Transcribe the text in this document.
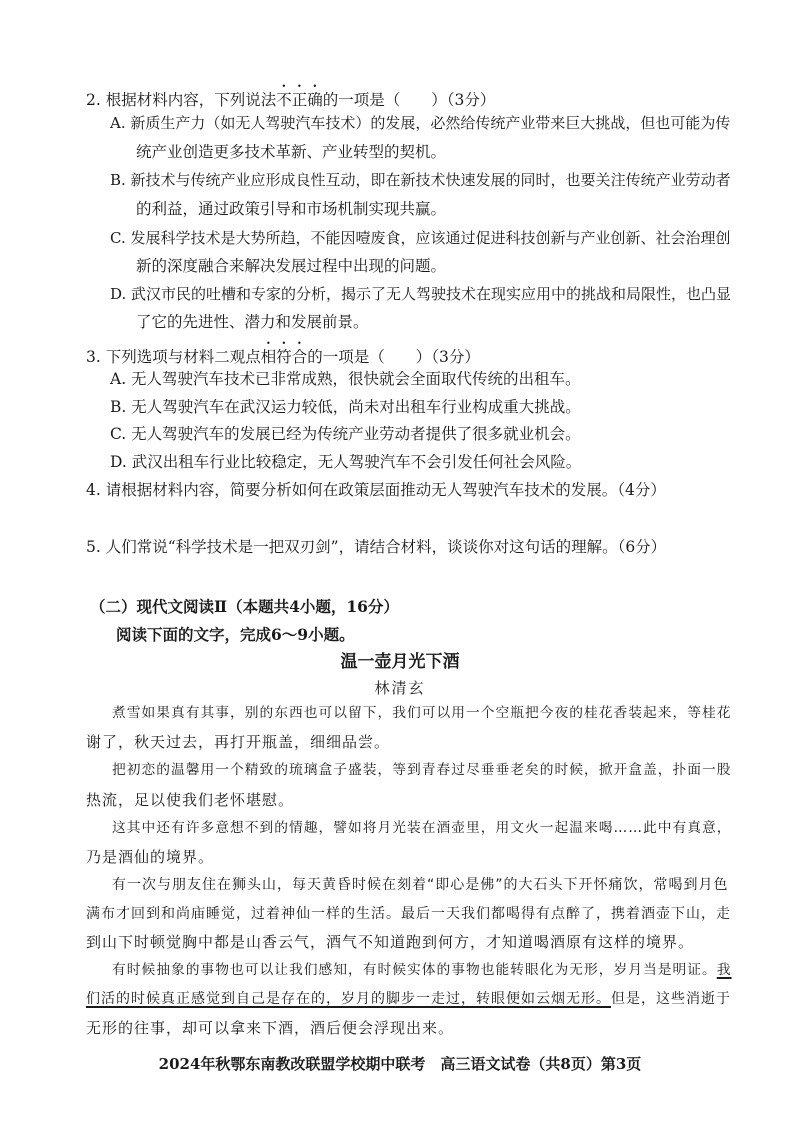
2. 根据材料内容，下列说法不正确的一项是（　　）（3分）
A. 新质生产力（如无人驾驶汽车技术）的发展，必然给传统产业带来巨大挑战，但也可能为传
统产业创造更多技术革新、产业转型的契机。
B. 新技术与传统产业应形成良性互动，即在新技术快速发展的同时，也要关注传统产业劳动者
的利益，通过政策引导和市场机制实现共赢。
C. 发展科学技术是大势所趋，不能因噎废食，应该通过促进科技创新与产业创新、社会治理创
新的深度融合来解决发展过程中出现的问题。
D. 武汉市民的吐槽和专家的分析，揭示了无人驾驶技术在现实应用中的挑战和局限性，也凸显
了它的先进性、潜力和发展前景。
3. 下列选项与材料二观点相符合的一项是（　　）（3分）
A. 无人驾驶汽车技术已非常成熟，很快就会全面取代传统的出租车。
B. 无人驾驶汽车在武汉运力较低，尚未对出租车行业构成重大挑战。
C. 无人驾驶汽车的发展已经为传统产业劳动者提供了很多就业机会。
D. 武汉出租车行业比较稳定，无人驾驶汽车不会引发任何社会风险。
4. 请根据材料内容，简要分析如何在政策层面推动无人驾驶汽车技术的发展。（4分）
5. 人们常说“科学技术是一把双刃剑”，请结合材料，谈谈你对这句话的理解。（6分）
（二）现代文阅读Ⅱ（本题共4小题，16分）
阅读下面的文字，完成6～9小题。
温一壶月光下酒
林清玄
煮雪如果真有其事，别的东西也可以留下，我们可以用一个空瓶把今夜的桂花香装起来，等桂花
谢了，秋天过去，再打开瓶盖，细细品尝。
把初恋的温馨用一个精致的琉璃盒子盛装，等到青春过尽垂垂老矣的时候，掀开盒盖，扑面一股
热流，足以使我们老怀堪慰。
这其中还有许多意想不到的情趣，譬如将月光装在酒壶里，用文火一起温来喝……此中有真意，
乃是酒仙的境界。
有一次与朋友住在狮头山，每天黄昏时候在刻着“即心是佛”的大石头下开怀痛饮，常喝到月色
满布才回到和尚庙睡觉，过着神仙一样的生活。最后一天我们都喝得有点醉了，携着酒壶下山，走
到山下时顿觉胸中都是山香云气，酒气不知道跑到何方，才知道喝酒原有这样的境界。
有时候抽象的事物也可以让我们感知，有时候实体的事物也能转眼化为无形，岁月当是明证。我
们活的时候真正感觉到自己是存在的，岁月的脚步一走过，转眼便如云烟无形。但是，这些消逝于
无形的往事，却可以拿来下酒，酒后便会浮现出来。
2024年秋鄂东南教改联盟学校期中联考　高三语文试卷（共8页）第3页
